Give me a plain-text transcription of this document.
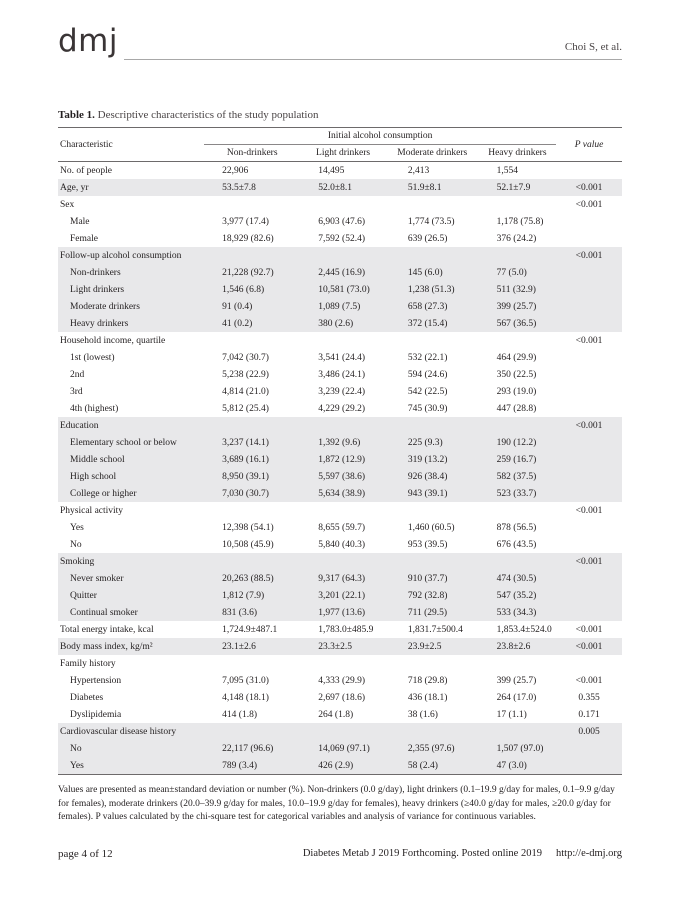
dmj	Choi S, et al.
Table 1. Descriptive characteristics of the study population
Characteristic	Initial alcohol consumption				P value
	Non-drinkers	Light drinkers	Moderate drinkers	Heavy drinkers	
No. of people	22,906	14,495	2,413	1,554	
Age, yr	53.5±7.8	52.0±8.1	51.9±8.1	52.1±7.9	<0.001
Sex					<0.001
Male	3,977 (17.4)	6,903 (47.6)	1,774 (73.5)	1,178 (75.8)	
Female	18,929 (82.6)	7,592 (52.4)	639 (26.5)	376 (24.2)	
Follow-up alcohol consumption					<0.001
Non-drinkers	21,228 (92.7)	2,445 (16.9)	145 (6.0)	77 (5.0)	
Light drinkers	1,546 (6.8)	10,581 (73.0)	1,238 (51.3)	511 (32.9)	
Moderate drinkers	91 (0.4)	1,089 (7.5)	658 (27.3)	399 (25.7)	
Heavy drinkers	41 (0.2)	380 (2.6)	372 (15.4)	567 (36.5)	
Household income, quartile					<0.001
1st (lowest)	7,042 (30.7)	3,541 (24.4)	532 (22.1)	464 (29.9)	
2nd	5,238 (22.9)	3,486 (24.1)	594 (24.6)	350 (22.5)	
3rd	4,814 (21.0)	3,239 (22.4)	542 (22.5)	293 (19.0)	
4th (highest)	5,812 (25.4)	4,229 (29.2)	745 (30.9)	447 (28.8)	
Education					<0.001
Elementary school or below	3,237 (14.1)	1,392 (9.6)	225 (9.3)	190 (12.2)	
Middle school	3,689 (16.1)	1,872 (12.9)	319 (13.2)	259 (16.7)	
High school	8,950 (39.1)	5,597 (38.6)	926 (38.4)	582 (37.5)	
College or higher	7,030 (30.7)	5,634 (38.9)	943 (39.1)	523 (33.7)	
Physical activity					<0.001
Yes	12,398 (54.1)	8,655 (59.7)	1,460 (60.5)	878 (56.5)	
No	10,508 (45.9)	5,840 (40.3)	953 (39.5)	676 (43.5)	
Smoking					<0.001
Never smoker	20,263 (88.5)	9,317 (64.3)	910 (37.7)	474 (30.5)	
Quitter	1,812 (7.9)	3,201 (22.1)	792 (32.8)	547 (35.2)	
Continual smoker	831 (3.6)	1,977 (13.6)	711 (29.5)	533 (34.3)	
Total energy intake, kcal	1,724.9±487.1	1,783.0±485.9	1,831.7±500.4	1,853.4±524.0	<0.001
Body mass index, kg/m²	23.1±2.6	23.3±2.5	23.9±2.5	23.8±2.6	<0.001
Family history					
Hypertension	7,095 (31.0)	4,333 (29.9)	718 (29.8)	399 (25.7)	<0.001
Diabetes	4,148 (18.1)	2,697 (18.6)	436 (18.1)	264 (17.0)	0.355
Dyslipidemia	414 (1.8)	264 (1.8)	38 (1.6)	17 (1.1)	0.171
Cardiovascular disease history					0.005
No	22,117 (96.6)	14,069 (97.1)	2,355 (97.6)	1,507 (97.0)	
Yes	789 (3.4)	426 (2.9)	58 (2.4)	47 (3.0)	
Values are presented as mean±standard deviation or number (%). Non-drinkers (0.0 g/day), light drinkers (0.1–19.9 g/day for males, 0.1–9.9 g/day for females), moderate drinkers (20.0–39.9 g/day for males, 10.0–19.9 g/day for females), heavy drinkers (≥40.0 g/day for males, ≥20.0 g/day for females). P values calculated by the chi-square test for categorical variables and analysis of variance for continuous variables.
page 4 of 12	Diabetes Metab J 2019 Forthcoming. Posted online 2019 http://e-dmj.org
